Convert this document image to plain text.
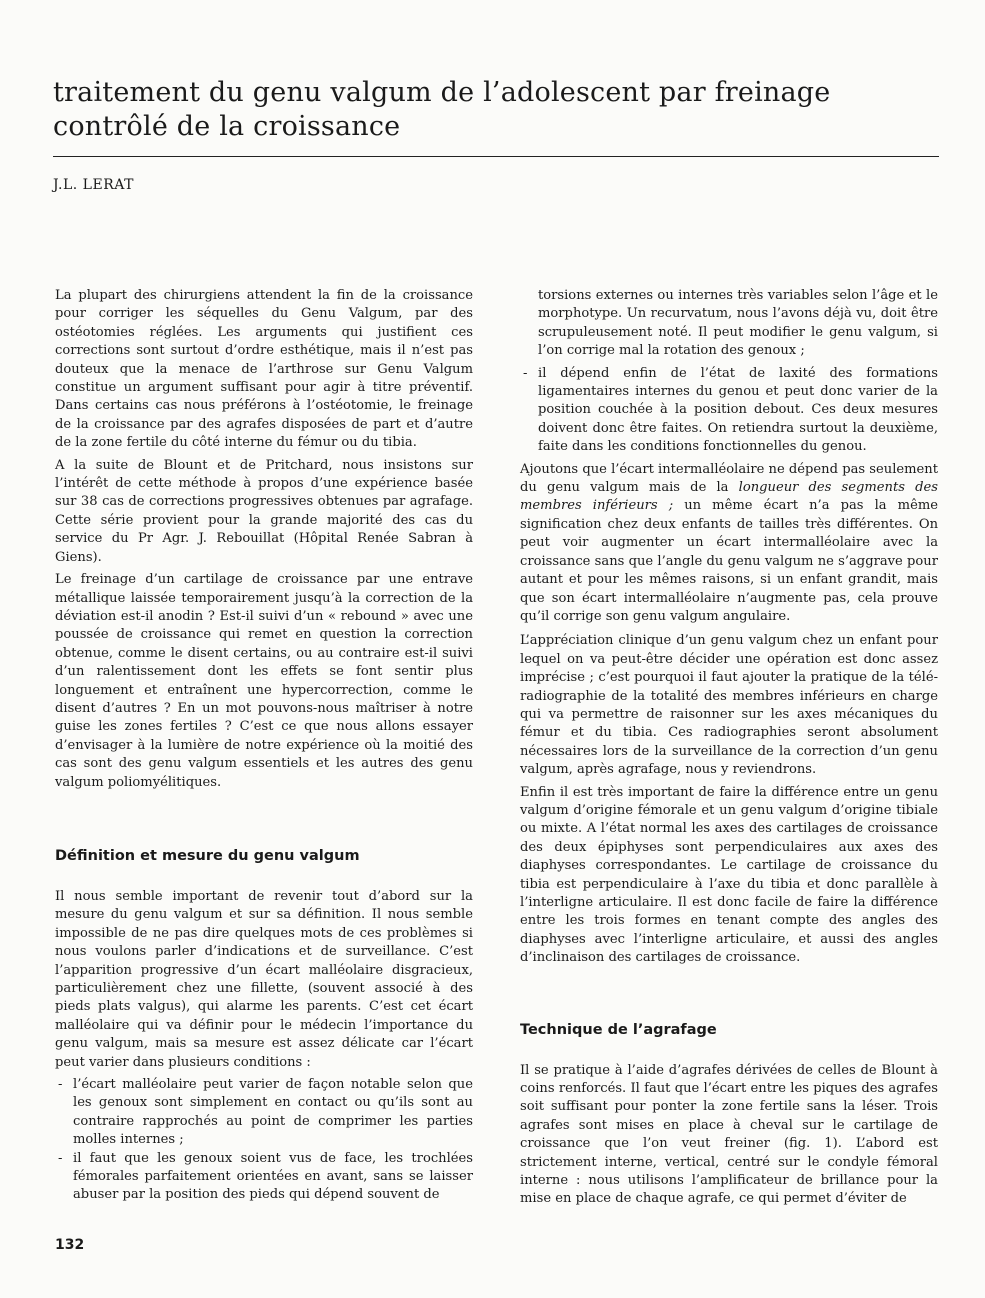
traitement du genu valgum de l’adolescent par freinage contrôlé de la croissance
J.L. LERAT

La plupart des chirurgiens attendent la fin de la croissance pour corriger les séquelles du Genu Valgum, par des ostéotomies réglées. Les arguments qui justifient ces corrections sont surtout d’ordre esthétique, mais il n’est pas douteux que la menace de l’arthrose sur Genu Valgum constitue un argument suffisant pour agir à titre préventif. Dans certains cas nous préférons à l’ostéotomie, le freinage de la croissance par des agrafes disposées de part et d’autre de la zone fertile du côté interne du fémur ou du tibia.

A la suite de Blount et de Pritchard, nous insistons sur l’intérêt de cette méthode à propos d’une expérience basée sur 38 cas de corrections progressives obtenues par agrafage. Cette série provient pour la grande majorité des cas du service du Pr Agr. J. Rebouillat (Hôpital Renée Sabran à Giens).

Le freinage d’un cartilage de croissance par une entrave métallique laissée temporairement jusqu’à la correction de la déviation est-il anodin ? Est-il suivi d’un « rebound » avec une poussée de croissance qui remet en question la correction obtenue, comme le disent certains, ou au contraire est-il suivi d’un ralentissement dont les effets se font sentir plus longuement et entraînent une hypercorrection, comme le disent d’autres ? En un mot pouvons-nous maîtriser à notre guise les zones fertiles ? C’est ce que nous allons essayer d’envisager à la lumière de notre expérience où la moitié des cas sont des genu valgum essentiels et les autres des genu valgum poliomyélitiques.

Définition et mesure du genu valgum

Il nous semble important de revenir tout d’abord sur la mesure du genu valgum et sur sa définition. Il nous semble impossible de ne pas dire quelques mots de ces problèmes si nous voulons parler d’indications et de surveillance. C’est l’apparition progressive d’un écart malléolaire disgracieux, particulièrement chez une fillette, (souvent associé à des pieds plats valgus), qui alarme les parents. C’est cet écart malléolaire qui va définir pour le médecin l’importance du genu valgum, mais sa mesure est assez délicate car l’écart peut varier dans plusieurs conditions :

- l’écart malléolaire peut varier de façon notable selon que les genoux sont simplement en contact ou qu’ils sont au contraire rapprochés au point de comprimer les parties molles internes ;
- il faut que les genoux soient vus de face, les trochlées fémorales parfaitement orientées en avant, sans se laisser abuser par la position des pieds qui dépend souvent de

torsions externes ou internes très variables selon l’âge et le morphotype. Un recurvatum, nous l’avons déjà vu, doit être scrupuleusement noté. Il peut modifier le genu valgum, si l’on corrige mal la rotation des genoux ;

- il dépend enfin de l’état de laxité des formations ligamentaires internes du genou et peut donc varier de la position couchée à la position debout. Ces deux mesures doivent donc être faites. On retiendra surtout la deuxième, faite dans les conditions fonctionnelles du genou.

Ajoutons que l’écart intermalléolaire ne dépend pas seulement du genu valgum mais de la longueur des segments des membres inférieurs ; un même écart n’a pas la même signification chez deux enfants de tailles très différentes. On peut voir augmenter un écart intermalléolaire avec la croissance sans que l’angle du genu valgum ne s’aggrave pour autant et pour les mêmes raisons, si un enfant grandit, mais que son écart intermalléolaire n’augmente pas, cela prouve qu’il corrige son genu valgum angulaire.

L’appréciation clinique d’un genu valgum chez un enfant pour lequel on va peut-être décider une opération est donc assez imprécise ; c’est pourquoi il faut ajouter la pratique de la télé-radiographie de la totalité des membres inférieurs en charge qui va permettre de raisonner sur les axes mécaniques du fémur et du tibia. Ces radiographies seront absolument nécessaires lors de la surveillance de la correction d’un genu valgum, après agrafage, nous y reviendrons.

Enfin il est très important de faire la différence entre un genu valgum d’origine fémorale et un genu valgum d’origine tibiale ou mixte. A l’état normal les axes des cartilages de croissance des deux épiphyses sont perpendiculaires aux axes des diaphyses correspondantes. Le cartilage de croissance du tibia est perpendiculaire à l’axe du tibia et donc parallèle à l’interligne articulaire. Il est donc facile de faire la différence entre les trois formes en tenant compte des angles des diaphyses avec l’interligne articulaire, et aussi des angles d’inclinaison des cartilages de croissance.

Technique de l’agrafage

Il se pratique à l’aide d’agrafes dérivées de celles de Blount à coins renforcés. Il faut que l’écart entre les piques des agrafes soit suffisant pour ponter la zone fertile sans la léser. Trois agrafes sont mises en place à cheval sur le cartilage de croissance que l’on veut freiner (fig. 1). L’abord est strictement interne, vertical, centré sur le condyle fémoral interne : nous utilisons l’amplificateur de brillance pour la mise en place de chaque agrafe, ce qui permet d’éviter de

132
